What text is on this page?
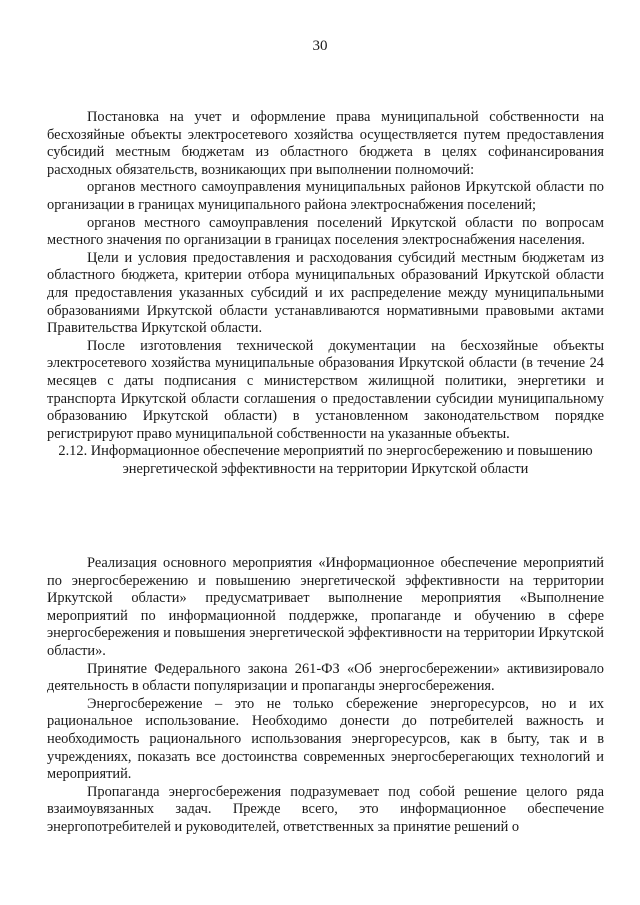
30

Постановка на учет и оформление права муниципальной собственности на бесхозяйные объекты электросетевого хозяйства осуществляется путем предоставления субсидий местным бюджетам из областного бюджета в целях софинансирования расходных обязательств, возникающих при выполнении полномочий:

органов местного самоуправления муниципальных районов Иркутской области по организации в границах муниципального района электроснабжения поселений;

органов местного самоуправления поселений Иркутской области по вопросам местного значения по организации в границах поселения электроснабжения населения.

Цели и условия предоставления и расходования субсидий местным бюджетам из областного бюджета, критерии отбора муниципальных образований Иркутской области для предоставления указанных субсидий и их распределение между муниципальными образованиями Иркутской области устанавливаются нормативными правовыми актами Правительства Иркутской области.

После изготовления технической документации на бесхозяйные объекты электросетевого хозяйства муниципальные образования Иркутской области (в течение 24 месяцев с даты подписания с министерством жилищной политики, энергетики и транспорта Иркутской области соглашения о предоставлении субсидии муниципальному образованию Иркутской области) в установленном законодательством порядке регистрируют право муниципальной собственности на указанные объекты.

2.12. Информационное обеспечение мероприятий по энергосбережению и повышению энергетической эффективности на территории Иркутской области

Реализация основного мероприятия «Информационное обеспечение мероприятий по энергосбережению и повышению энергетической эффективности на территории Иркутской области» предусматривает выполнение мероприятия «Выполнение мероприятий по информационной поддержке, пропаганде и обучению в сфере энергосбережения и повышения энергетической эффективности на территории Иркутской области».

Принятие Федерального закона 261-ФЗ «Об энергосбережении» активизировало деятельность в области популяризации и пропаганды энергосбережения.

Энергосбережение – это не только сбережение энергоресурсов, но и их рациональное использование. Необходимо донести до потребителей важность и необходимость рационального использования энергоресурсов, как в быту, так и в учреждениях, показать все достоинства современных энергосберегающих технологий и мероприятий.

Пропаганда энергосбережения подразумевает под собой решение целого ряда взаимоувязанных задач. Прежде всего, это информационное обеспечение энергопотребителей и руководителей, ответственных за принятие решений о
